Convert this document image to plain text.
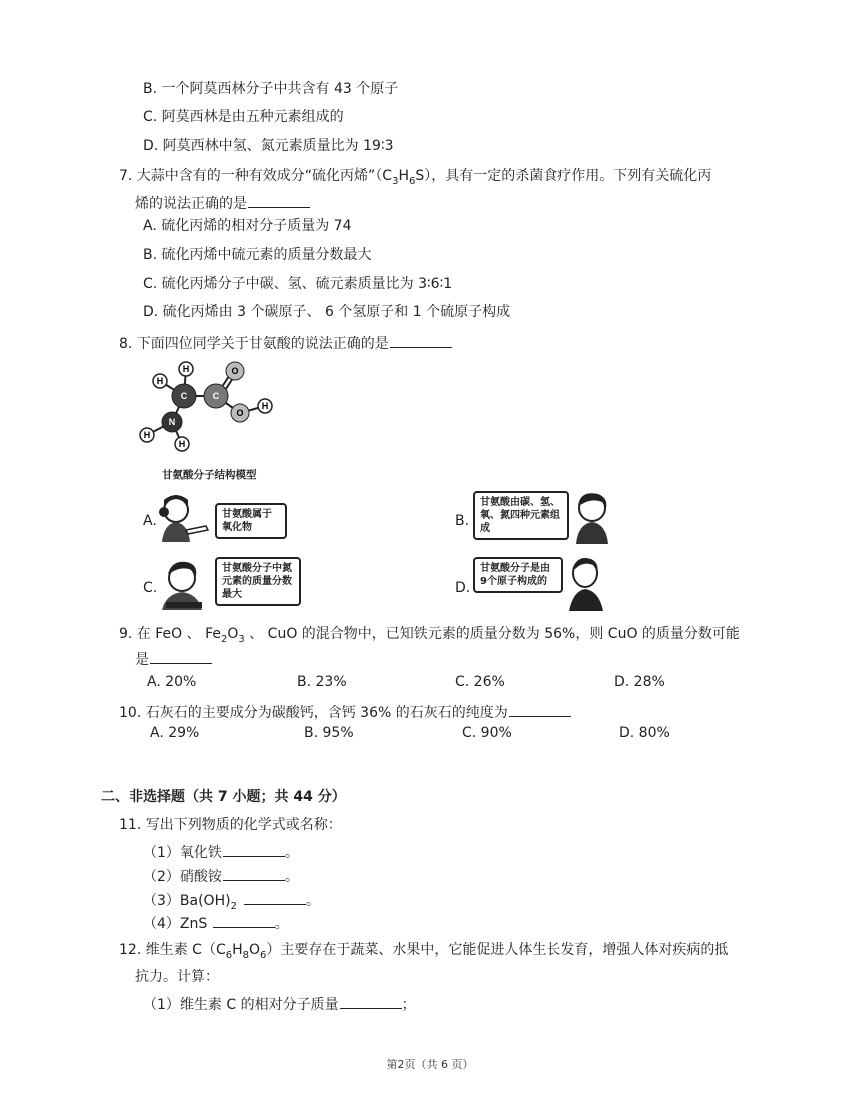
B. 一个阿莫西林分子中共含有 43 个原子
C. 阿莫西林是由五种元素组成的
D. 阿莫西林中氢、氮元素质量比为 19∶3
7. 大蒜中含有的一种有效成分“硫化丙烯$”(C_3H_6S)$，具有一定的杀菌食疗作用。下列有关硫化丙
烯的说法正确的是
A. 硫化丙烯的相对分子质量为 74
B. 硫化丙烯中硫元素的质量分数最大
C. 硫化丙烯分子中碳、氢、硫元素质量比为 3∶6∶1
D. 硫化丙烯由 3 个碳原子、 6 个氢原子和 1 个硫原子构成
8. 下面四位同学关于甘氨酸的说法正确的是
H
H
H
H
H
C	C
O
O
N
甘氨酸分子结构模型
A.	甘氨酸属于氧化物	B.
甘氨酸由碳、氢、氧、氮四种元素组成
C.
甘氨酸分子中氮元素的质量分数最大	D.
甘氨酸分子是由9个原子构成的
9. 在 FeO 、 $Fe_2O_3$ 、 CuO 的混合物中，已知铁元素的质量分数为 56%，则 CuO 的质量分数可能
是
A. 20%	B. 23%	C. 26%	D. 28%
10. 石灰石的主要成分为碳酸钙，含钙 36% 的石灰石的纯度为
A. 29%	B. 95%	C. 90%	D. 80%
二、非选择题（共 7 小题；共 44 分）
11. 写出下列物质的化学式或名称：
（1）氧化铁	。
（2）硝酸铵	。
$(3)Ba(OH)_2$	。
（4）ZnS	。
12. 维生素 $C(C_6H_8O_6)$主要存在于蔬菜、水果中，它能促进人体生长发育，增强人体对疾病的抵
抗力。计算：
（1）维生素 C 的相对分子质量	；
第2页（共 6 页）
